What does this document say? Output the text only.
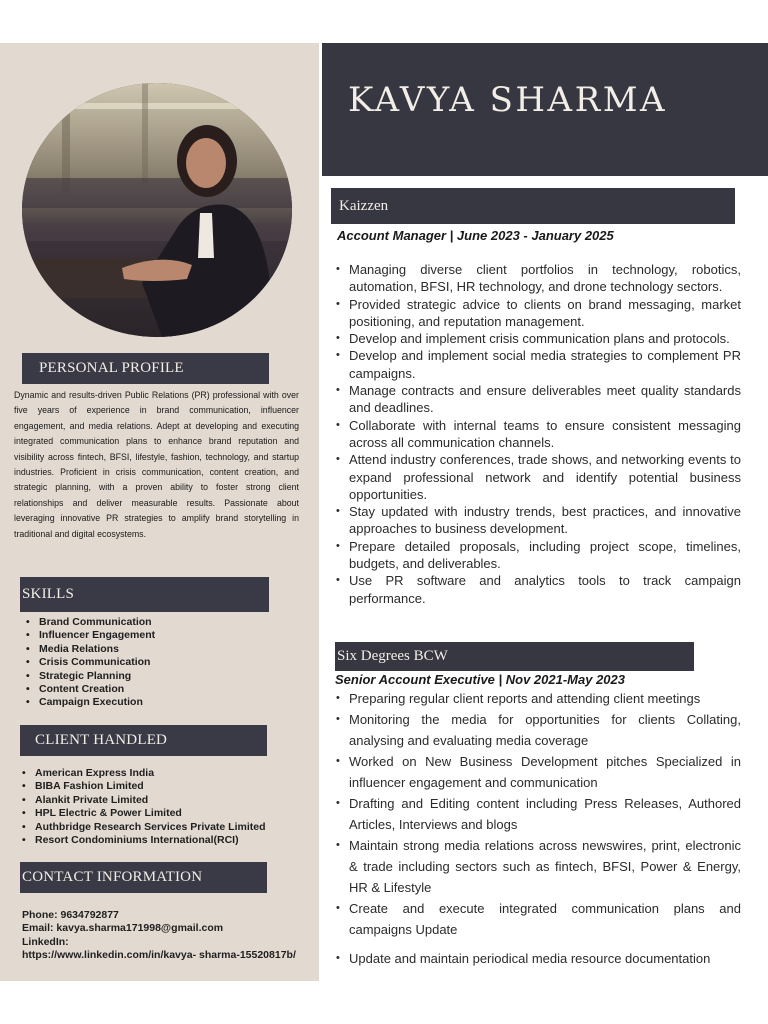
PERSONAL PROFILE

Dynamic and results-driven Public Relations (PR) professional with over five years of experience in brand communication, influencer engagement, and media relations. Adept at developing and executing integrated communication plans to enhance brand reputation and visibility across fintech, BFSI, lifestyle, fashion, technology, and startup industries. Proficient in crisis communication, content creation, and strategic planning, with a proven ability to foster strong client relationships and deliver measurable results. Passionate about leveraging innovative PR strategies to amplify brand storytelling in traditional and digital ecosystems.

SKILLS
• Brand Communication
• Influencer Engagement
• Media Relations
• Crisis Communication
• Strategic Planning
• Content Creation
• Campaign Execution
CLIENT HANDLED
• American Express India
• BIBA Fashion Limited
• Alankit Private Limited
• HPL Electric & Power Limited
• Authbridge Research Services Private Limited
• Resort Condominiums International(RCI)
CONTACT INFORMATION
Phone: 9634792877
Email: kavya.sharma171998@gmail.com
LinkedIn:
https://www.linkedin.com/in/kavya- sharma-15520817b/
KAVYA SHARMA
Kaizzen
Account Manager | June 2023 - January 2025
• Managing diverse client portfolios in technology, robotics, automation, BFSI, HR technology, and drone technology sectors.
• Provided strategic advice to clients on brand messaging, market positioning, and reputation management.
• Develop and implement crisis communication plans and protocols.
• Develop and implement social media strategies to complement PR campaigns.
• Manage contracts and ensure deliverables meet quality standards and deadlines.
• Collaborate with internal teams to ensure consistent messaging across all communication channels.
• Attend industry conferences, trade shows, and networking events to expand professional network and identify potential business opportunities.
• Stay updated with industry trends, best practices, and innovative approaches to business development.
• Prepare detailed proposals, including project scope, timelines, budgets, and deliverables.
• Use PR software and analytics tools to track campaign performance.
Six Degrees BCW
Senior Account Executive | Nov 2021-May 2023
• Preparing regular client reports and attending client meetings
• Monitoring the media for opportunities for clients Collating, analysing and evaluating media coverage
• Worked on New Business Development pitches Specialized in influencer engagement and communication
• Drafting and Editing content including Press Releases, Authored Articles, Interviews and blogs
• Maintain strong media relations across newswires, print, electronic & trade including sectors such as fintech, BFSI, Power & Energy, HR & Lifestyle
• Create and execute integrated communication plans and campaigns Update
• Update and maintain periodical media resource documentation
